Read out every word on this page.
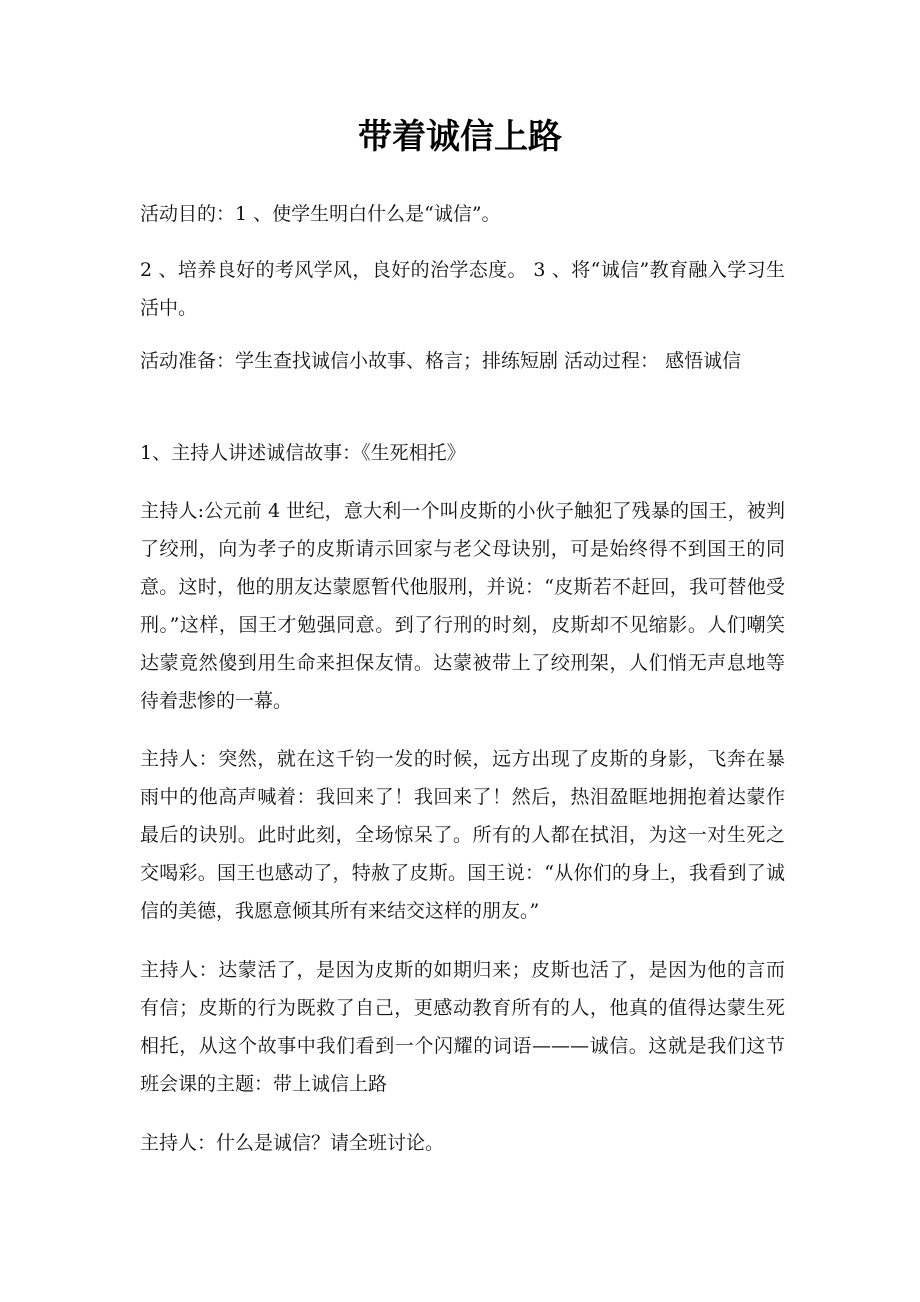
带着诚信上路

活动目的：1 、使学生明白什么是“诚信”。

2 、培养良好的考风学风，良好的治学态度。 3 、将“诚信”教育融入学习生活中。

活动准备：学生查找诚信小故事、格言；排练短剧 活动过程： 感悟诚信

1、主持人讲述诚信故事：《生死相托》

主持人:公元前 4 世纪，意大利一个叫皮斯的小伙子触犯了残暴的国王，被判了绞刑，向为孝子的皮斯请示回家与老父母诀别，可是始终得不到国王的同意。这时，他的朋友达蒙愿暂代他服刑，并说：“皮斯若不赶回，我可替他受刑。”这样，国王才勉强同意。到了行刑的时刻，皮斯却不见缩影。人们嘲笑达蒙竟然傻到用生命来担保友情。达蒙被带上了绞刑架，人们悄无声息地等待着悲惨的一幕。

主持人：突然，就在这千钧一发的时候，远方出现了皮斯的身影，飞奔在暴雨中的他高声喊着：我回来了！我回来了！然后，热泪盈眶地拥抱着达蒙作最后的诀别。此时此刻，全场惊呆了。所有的人都在拭泪，为这一对生死之交喝彩。国王也感动了，特赦了皮斯。国王说：“从你们的身上，我看到了诚信的美德，我愿意倾其所有来结交这样的朋友。”

主持人：达蒙活了，是因为皮斯的如期归来；皮斯也活了，是因为他的言而有信；皮斯的行为既救了自己，更感动教育所有的人，他真的值得达蒙生死相托，从这个故事中我们看到一个闪耀的词语———诚信。这就是我们这节班会课的主题：带上诚信上路

主持人：什么是诚信？请全班讨论。
